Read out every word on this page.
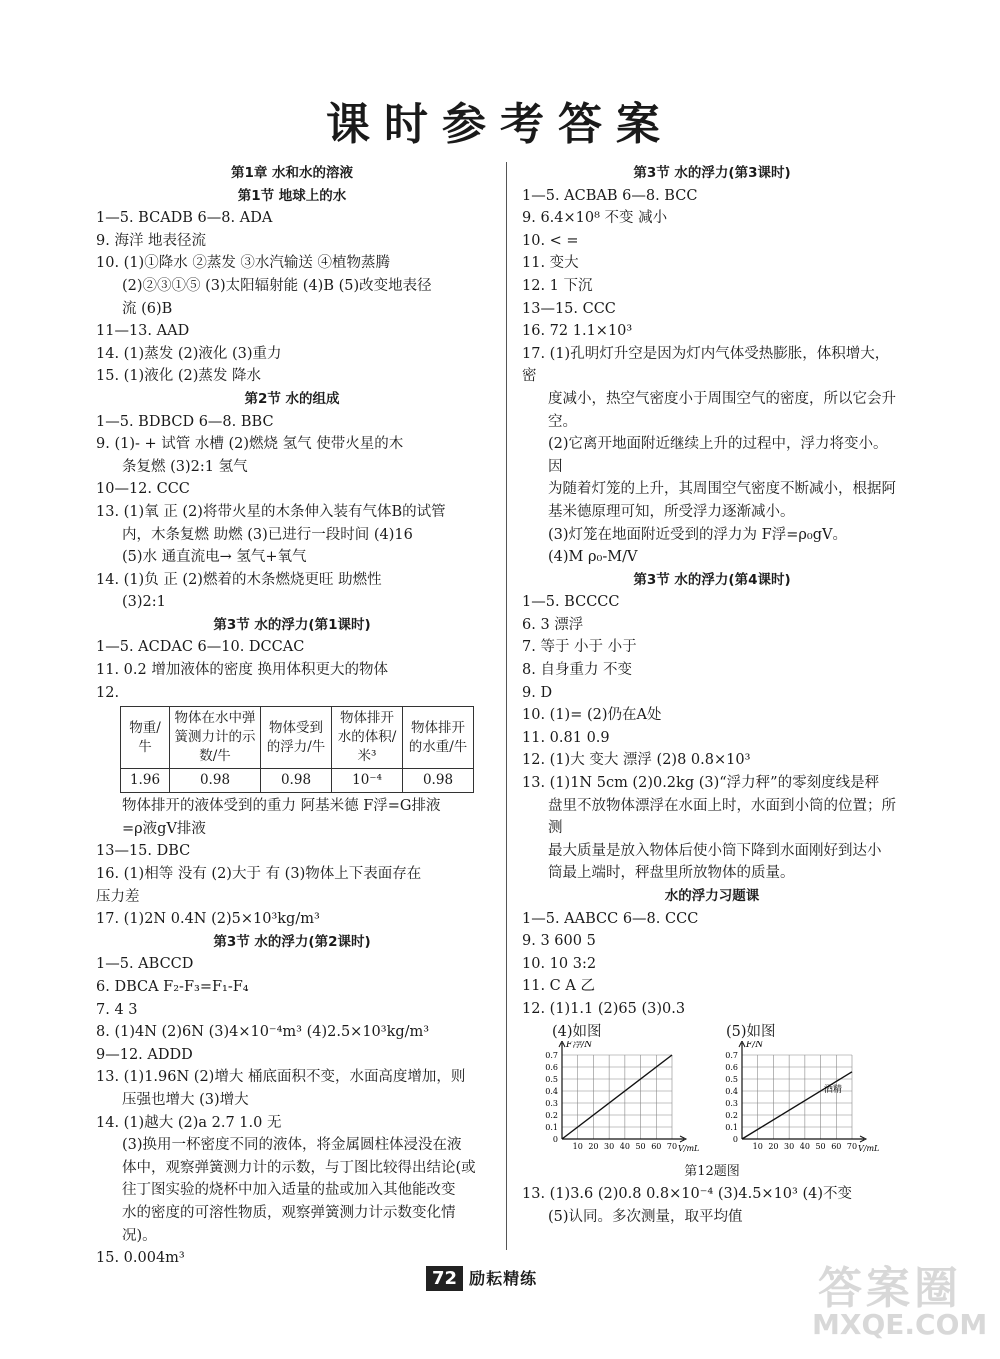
课时参考答案
第1章 水和水的溶液
第1节 地球上的水
1—5. BCADB 6—8. ADA
9. 海洋 地表径流
10. (1)①降水 ②蒸发 ③水汽输送 ④植物蒸腾
(2)②③①⑤ (3)太阳辐射能 (4)B (5)改变地表径
流 (6)B
11—13. AAD
14. (1)蒸发 (2)液化 (3)重力
15. (1)液化 (2)蒸发 降水
第2节 水的组成
1—5. BDBCD 6—8. BBC
9. (1)- + 试管 水槽 (2)燃烧 氢气 使带火星的木
条复燃 (3)2:1 氢气
10—12. CCC
13. (1)氧 正 (2)将带火星的木条伸入装有气体B的试管
内，木条复燃 助燃 (3)已进行一段时间 (4)16
(5)水 通直流电→ 氢气+氧气
14. (1)负 正 (2)燃着的木条燃烧更旺 助燃性
(3)2:1
第3节 水的浮力(第1课时)
1—5. ACDAC 6—10. DCCAC
11. 0.2 增加液体的密度 换用体积更大的物体
12.
物重/牛	物体在水中弹簧测力计的示数/牛	物体受到的浮力/牛	物体排开水的体积/米³	物体排开的水重/牛
1.96	0.98	0.98	10⁻⁴	0.98
物体排开的液体受到的重力 阿基米德 F浮=G排液
=ρ液gV排液
13—15. DBC
16. (1)相等 没有 (2)大于 有 (3)物体上下表面存在
压力差
17. (1)2N 0.4N (2)5×10³kg/m³
第3节 水的浮力(第2课时)
1—5. ABCCD
6. DBCA F₂-F₃=F₁-F₄
7. 4 3
8. (1)4N (2)6N (3)4×10⁻⁴m³ (4)2.5×10³kg/m³
9—12. ADDD
13. (1)1.96N (2)增大 桶底面积不变，水面高度增加，则
压强也增大 (3)增大
14. (1)越大 (2)a 2.7 1.0 无
(3)换用一杯密度不同的液体，将金属圆柱体浸没在液
体中，观察弹簧测力计的示数，与丁图比较得出结论(或
往丁图实验的烧杯中加入适量的盐或加入其他能改变
水的密度的可溶性物质，观察弹簧测力计示数变化情
况)。
15. 0.004m³
第3节 水的浮力(第3课时)
1—5. ACBAB 6—8. BCC
9. 6.4×10⁸ 不变 减小
10. < =
11. 变大
12. 1 下沉
13—15. CCC
16. 72 1.1×10³
17. (1)孔明灯升空是因为灯内气体受热膨胀，体积增大，密
度减小，热空气密度小于周围空气的密度，所以它会升
空。
(2)它离开地面附近继续上升的过程中，浮力将变小。因
为随着灯笼的上升，其周围空气密度不断减小，根据阿
基米德原理可知，所受浮力逐渐减小。
(3)灯笼在地面附近受到的浮力为 F浮=ρ₀gV。
(4)M ρ₀-M/V
第3节 水的浮力(第4课时)
1—5. BCCCC
6. 3 漂浮
7. 等于 小于 小于
8. 自身重力 不变
9. D
10. (1)= (2)仍在A处
11. 0.81 0.9
12. (1)大 变大 漂浮 (2)8 0.8×10³
13. (1)1N 5cm (2)0.2kg (3)“浮力秤”的零刻度线是秤
盘里不放物体漂浮在水面上时，水面到小筒的位置；所测
最大质量是放入物体后使小筒下降到水面刚好到达小
筒最上端时，秤盘里所放物体的质量。
水的浮力习题课
1—5. AABCC 6—8. CCC
9. 3 600 5
10. 10 3:2
11. C A 乙
12. (1)1.1 (2)65 (3)0.3
(4)如图	(5)如图
0.7
0.6
0.5
0.4
0.3
0.2
0.1
0
10 20 30 40 50 60 70
F浮/N
V/mL
0.7
0.6
0.5
0.4
0.3
0.2
0.1
0
10 20 30 40 50 60 70
F/N
V/mL
酒精
第12题图
13. (1)3.6 (2)0.8 0.8×10⁻⁴ (3)4.5×10³ (4)不变
(5)认同。多次测量，取平均值
72 励耘精练	答案圈
MXQE.COM
